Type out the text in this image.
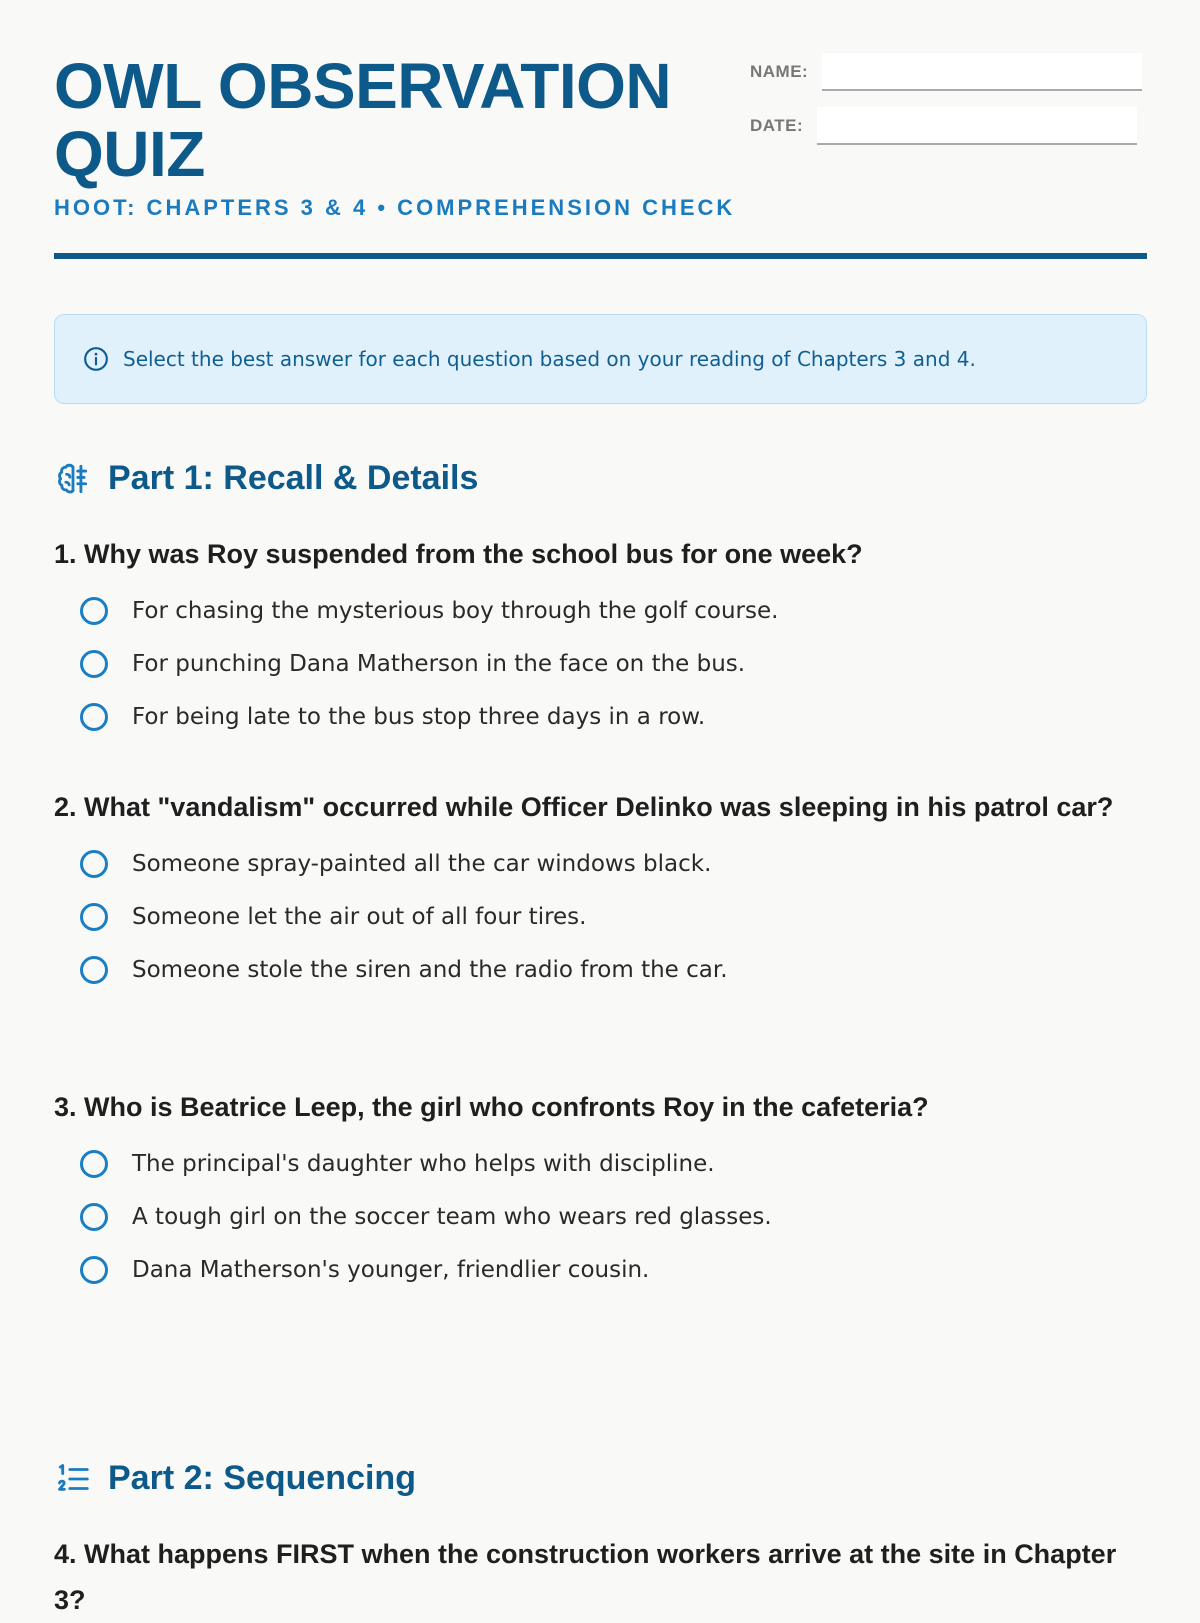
OWL OBSERVATION QUIZ

HOOT: CHAPTERS 3 & 4 • COMPREHENSION CHECK

NAME:
DATE:
Select the best answer for each question based on your reading of Chapters 3 and 4.
Part 1: Recall & Details

1. Why was Roy suspended from the school bus for one week?

For chasing the mysterious boy through the golf course.
For punching Dana Matherson in the face on the bus.
For being late to the bus stop three days in a row.

2. What "vandalism" occurred while Officer Delinko was sleeping in his patrol car?

Someone spray-painted all the car windows black.
Someone let the air out of all four tires.
Someone stole the siren and the radio from the car.

3. Who is Beatrice Leep, the girl who confronts Roy in the cafeteria?

The principal's daughter who helps with discipline.
A tough girl on the soccer team who wears red glasses.
Dana Matherson's younger, friendlier cousin.
Part 2: Sequencing

4. What happens FIRST when the construction workers arrive at the site in Chapter 3?
